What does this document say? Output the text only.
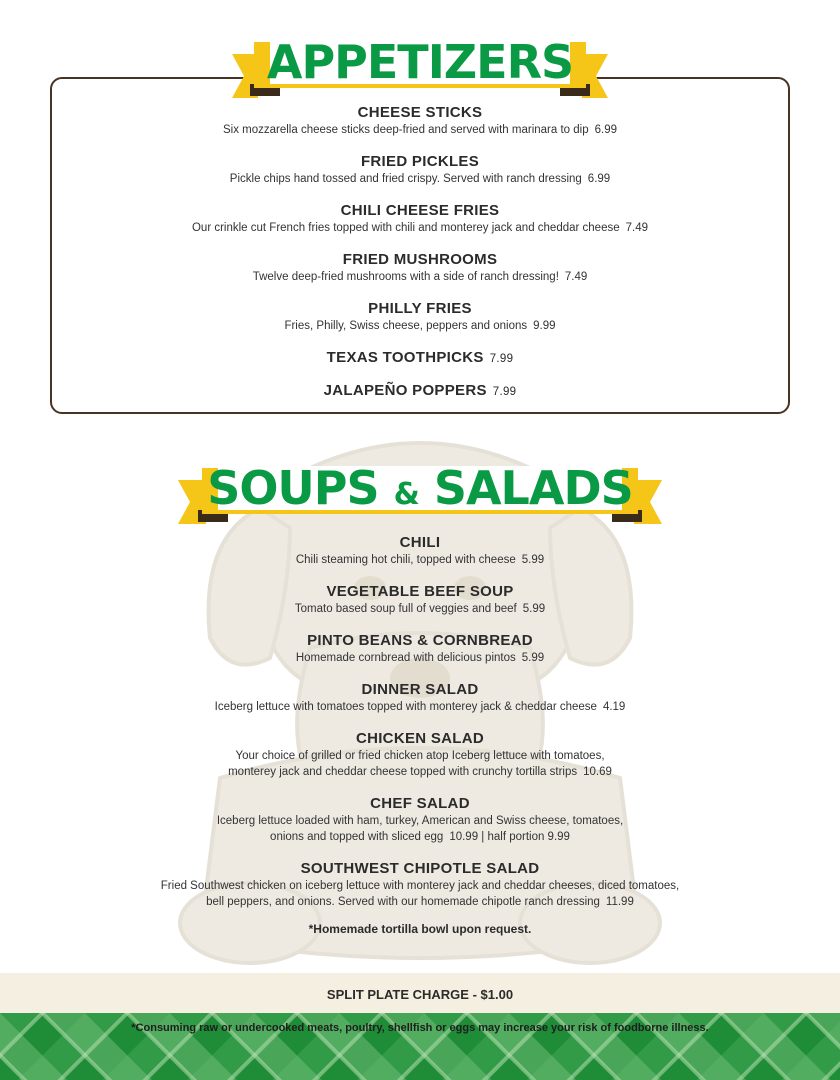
APPETIZERS
CHEESE STICKS
Six mozzarella cheese sticks deep-fried and served with marinara to dip 6.99
FRIED PICKLES
Pickle chips hand tossed and fried crispy. Served with ranch dressing 6.99
CHILI CHEESE FRIES
Our crinkle cut French fries topped with chili and monterey jack and cheddar cheese 7.49
FRIED MUSHROOMS
Twelve deep-fried mushrooms with a side of ranch dressing! 7.49
PHILLY FRIES
Fries, Philly, Swiss cheese, peppers and onions 9.99
TEXAS TOOTHPICKS 7.99
JALAPEÑO POPPERS 7.99
SOUPS & SALADS
CHILI
Chili steaming hot chili, topped with cheese 5.99
VEGETABLE BEEF SOUP
Tomato based soup full of veggies and beef 5.99
PINTO BEANS & CORNBREAD
Homemade cornbread with delicious pintos 5.99
DINNER SALAD
Iceberg lettuce with tomatoes topped with monterey jack & cheddar cheese 4.19
CHICKEN SALAD
Your choice of grilled or fried chicken atop Iceberg lettuce with tomatoes,
monterey jack and cheddar cheese topped with crunchy tortilla strips 10.69
CHEF SALAD
Iceberg lettuce loaded with ham, turkey, American and Swiss cheese, tomatoes,
onions and topped with sliced egg 10.99 | half portion 9.99
SOUTHWEST CHIPOTLE SALAD
Fried Southwest chicken on iceberg lettuce with monterey jack and cheddar cheeses, diced tomatoes,
bell peppers, and onions. Served with our homemade chipotle ranch dressing 11.99
*Homemade tortilla bowl upon request.
SPLIT PLATE CHARGE - $1.00
*Consuming raw or undercooked meats, poultry, shellfish or eggs may increase your risk of foodborne illness.
